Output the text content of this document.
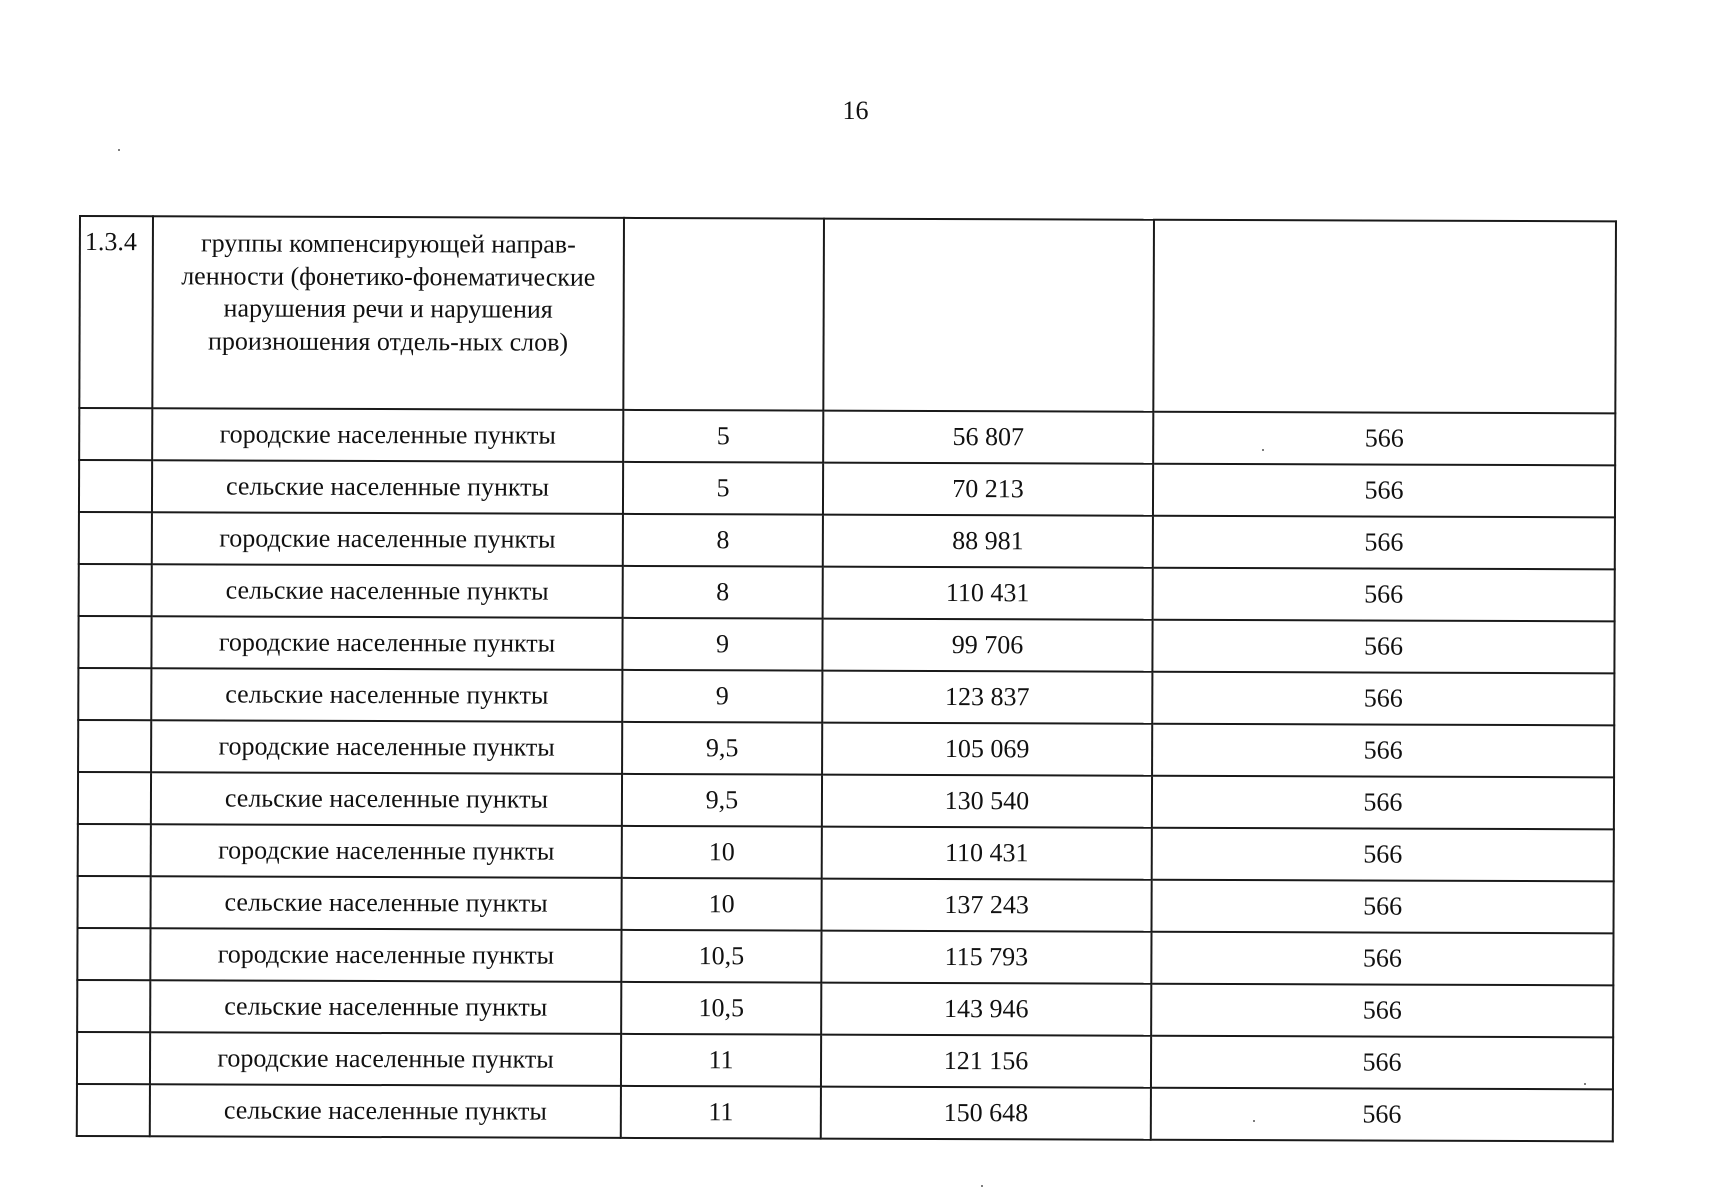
16
1.3.4	группы компенсирующей направ-ленности (фонетико-фонематические нарушения речи и нарушения произношения отдель-ных слов)			
	городские населенные пункты	5	56 807	566
	сельские населенные пункты	5	70 213	566
	городские населенные пункты	8	88 981	566
	сельские населенные пункты	8	110 431	566
	городские населенные пункты	9	99 706	566
	сельские населенные пункты	9	123 837	566
	городские населенные пункты	9,5	105 069	566
	сельские населенные пункты	9,5	130 540	566
	городские населенные пункты	10	110 431	566
	сельские населенные пункты	10	137 243	566
	городские населенные пункты	10,5	115 793	566
	сельские населенные пункты	10,5	143 946	566
	городские населенные пункты	11	121 156	566
	сельские населенные пункты	11	150 648	566
